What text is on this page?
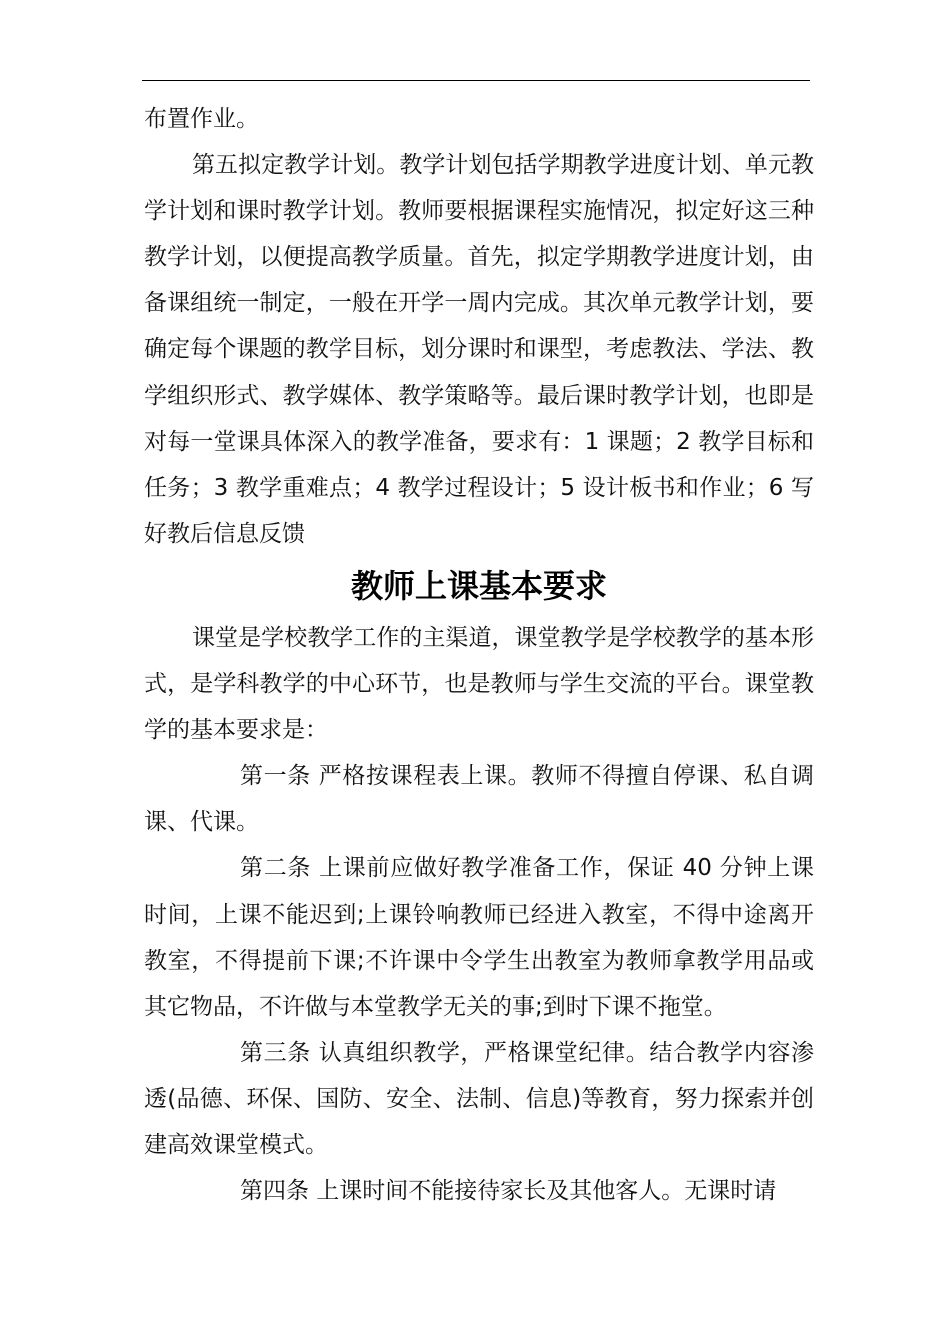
布置作业。

第五拟定教学计划。教学计划包括学期教学进度计划、单元教学计划和课时教学计划。教师要根据课程实施情况，拟定好这三种教学计划，以便提高教学质量。首先，拟定学期教学进度计划，由备课组统一制定，一般在开学一周内完成。其次单元教学计划，要确定每个课题的教学目标，划分课时和课型，考虑教法、学法、教学组织形式、教学媒体、教学策略等。最后课时教学计划，也即是对每一堂课具体深入的教学准备，要求有：1 课题；2 教学目标和任务；3 教学重难点；4 教学过程设计；5 设计板书和作业；6 写好教后信息反馈

教师上课基本要求

课堂是学校教学工作的主渠道，课堂教学是学校教学的基本形式，是学科教学的中心环节，也是教师与学生交流的平台。课堂教学的基本要求是：

第一条 严格按课程表上课。教师不得擅自停课、私自调课、代课。

第二条 上课前应做好教学准备工作，保证 40 分钟上课时间，上课不能迟到;上课铃响教师已经进入教室，不得中途离开教室，不得提前下课;不许课中令学生出教室为教师拿教学用品或其它物品，不许做与本堂教学无关的事;到时下课不拖堂。

第三条 认真组织教学，严格课堂纪律。结合教学内容渗透(品德、环保、国防、安全、法制、信息)等教育，努力探索并创建高效课堂模式。

第四条 上课时间不能接待家长及其他客人。无课时请
